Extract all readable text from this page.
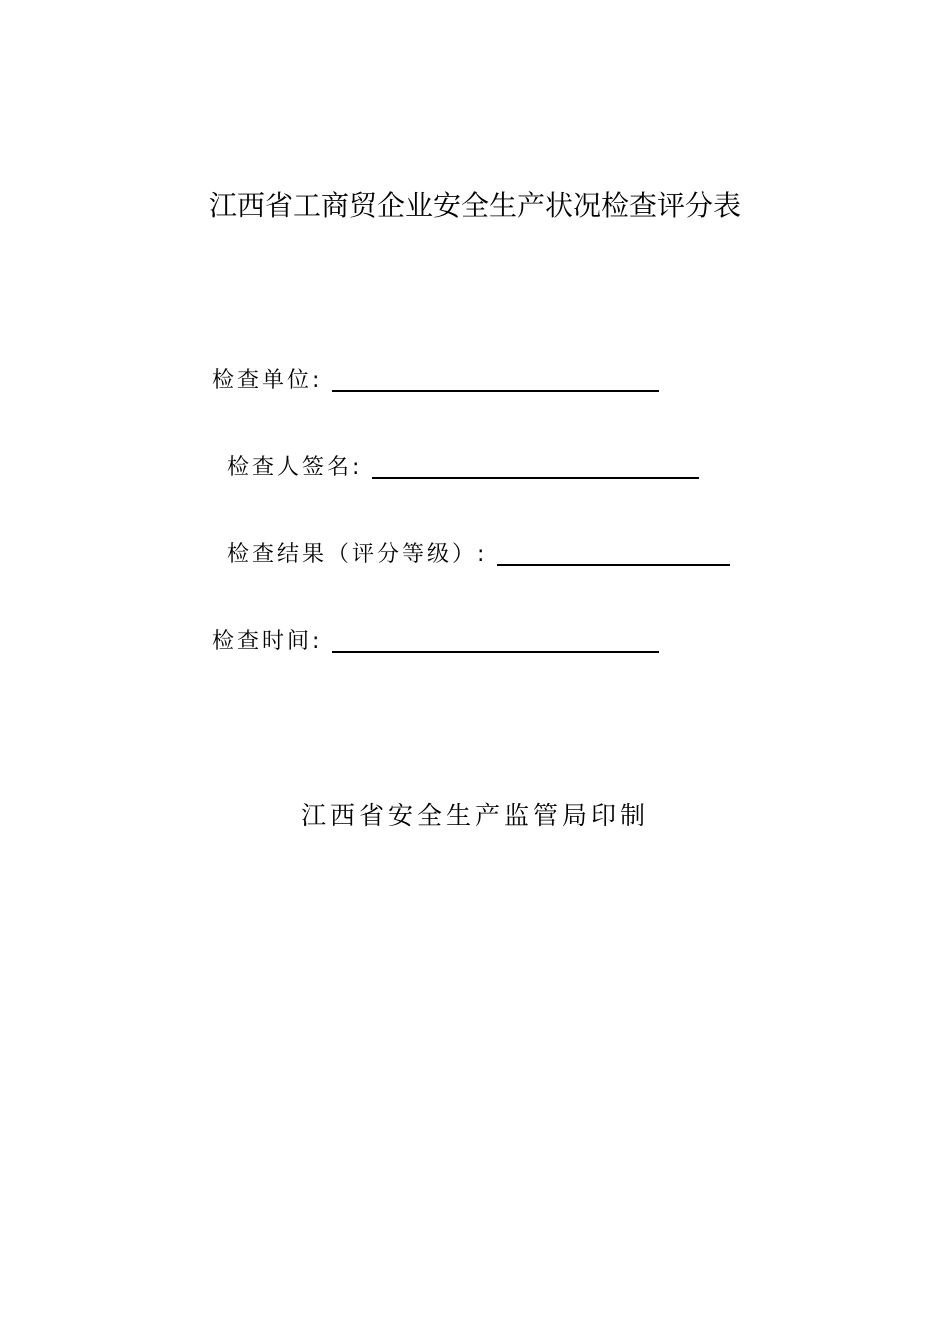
江西省工商贸企业安全生产状况检查评分表
检查单位:
检查人签名:
检查结果（评分等级）:
检查时间:
江西省安全生产监管局印制
